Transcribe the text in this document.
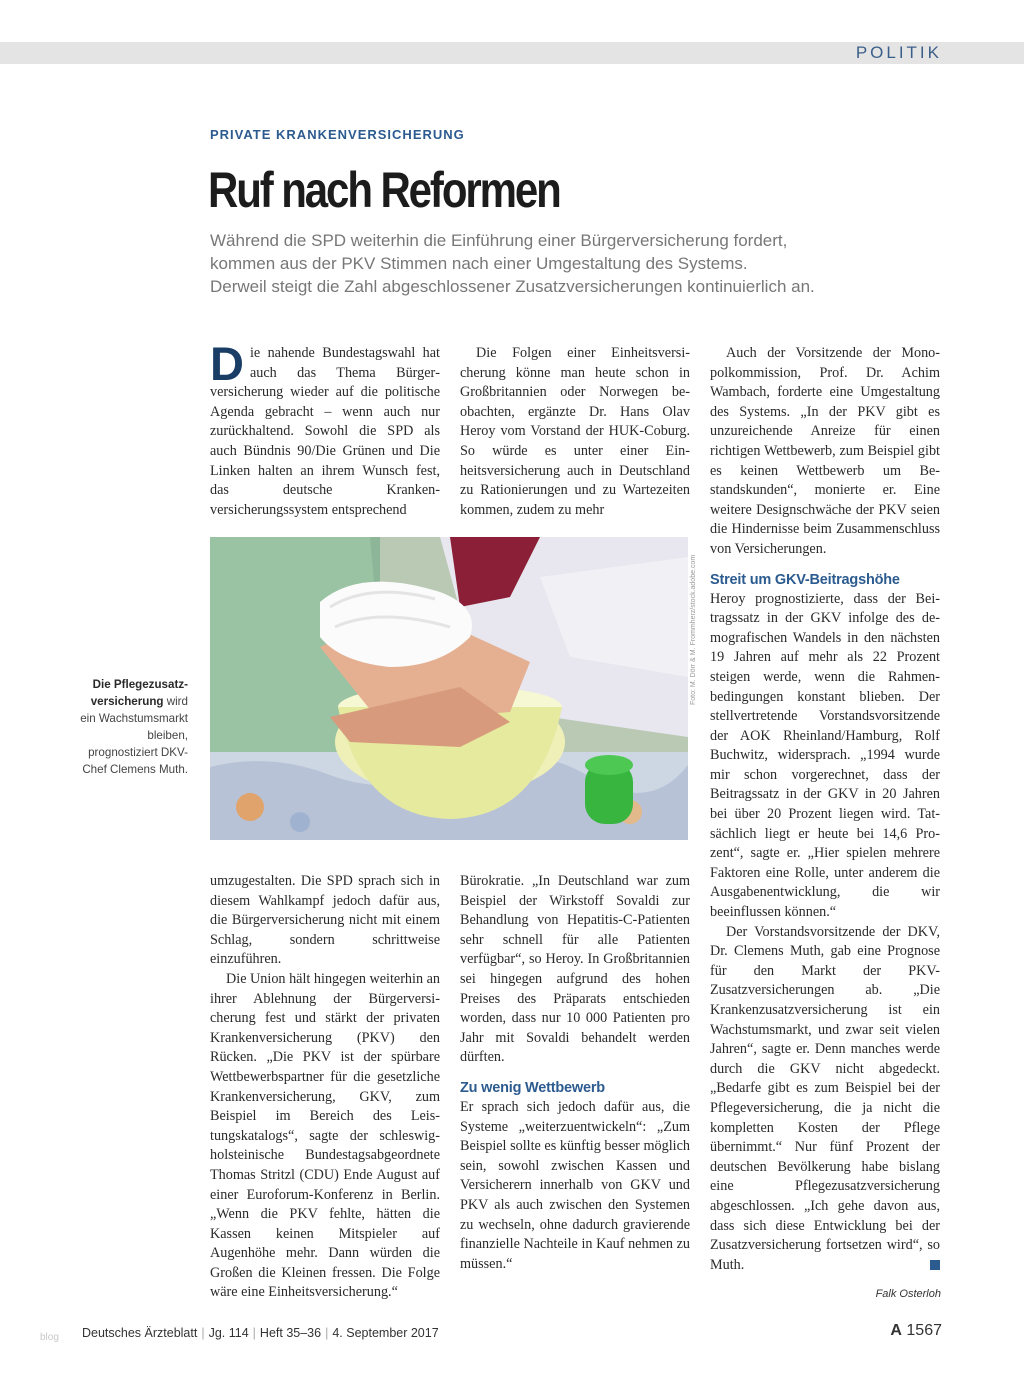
POLITIK
PRIVATE KRANKENVERSICHERUNG
Ruf nach Reformen
Während die SPD weiterhin die Einführung einer Bürgerversicherung fordert,
kommen aus der PKV Stimmen nach einer Umgestaltung des Systems.
Derweil steigt die Zahl abgeschlossener Zusatzversicherungen kontinuierlich an.

Die nahende Bundestagswahl hat auch das Thema Bürgerversicherung wieder auf die politische Agenda gebracht – wenn auch nur zurückhaltend. Sowohl die SPD als auch Bündnis 90/Die Grünen und Die Linken halten an ihrem Wunsch fest, das deutsche Krankenversicherungssystem entsprechend

Die Folgen einer Einheitsversicherung könne man heute schon in Großbritannien oder Norwegen beobachten, ergänzte Dr. Hans Olav Heroy vom Vorstand der HUK-Coburg. So würde es unter einer Einheitsversicherung auch in Deutschland zu Rationierungen und zu Wartezeiten kommen, zudem zu mehr

Auch der Vorsitzende der Monopolkommission, Prof. Dr. Achim Wambach, forderte eine Umgestaltung des Systems. „In der PKV gibt es unzureichende Anreize für einen richtigen Wettbewerb, zum Beispiel gibt es keinen Wettbewerb um Bestandskunden“, monierte er. Eine weitere Designschwäche der PKV seien die Hindernisse beim Zusammenschluss von Versicherungen.

Streit um GKV-Beitragshöhe

Heroy prognostizierte, dass der Beitragssatz in der GKV infolge des demografischen Wandels in den nächsten 19 Jahren auf mehr als 22 Prozent steigen werde, wenn die Rahmenbedingungen konstant blieben. Der stellvertretende Vorstandsvorsitzende der AOK Rheinland/Hamburg, Rolf Buchwitz, widersprach. „1994 wurde mir schon vorgerechnet, dass der Beitragssatz in der GKV in 20 Jahren bei über 20 Prozent liegen wird. Tatsächlich liegt er heute bei 14,6 Prozent“, sagte er. „Hier spielen mehrere Faktoren eine Rolle, unter anderem die Ausgabenentwicklung, die wir beeinflussen können.“

Der Vorstandsvorsitzende der DKV, Dr. Clemens Muth, gab eine Prognose für den Markt der PKV-Zusatzversicherungen ab. „Die Krankenzusatzversicherung ist ein Wachstumsmarkt, und zwar seit vielen Jahren“, sagte er. Denn manches werde durch die GKV nicht abgedeckt. „Bedarfe gibt es zum Beispiel bei der Pflegeversicherung, die ja nicht die kompletten Kosten der Pflege übernimmt.“ Nur fünf Prozent der deutschen Bevölkerung habe bislang eine Pflegezusatzversicherung abgeschlossen. „Ich gehe davon aus, dass sich diese Entwicklung bei der Zusatzversicherung fortsetzen wird“, so Muth.

Foto: M. Dörr & M. Frommherz/stock.adobe.com
Die Pflegezusatzversicherung wird ein Wachstumsmarkt bleiben, prognostiziert DKV-Chef Clemens Muth.

umzugestalten. Die SPD sprach sich in diesem Wahlkampf jedoch dafür aus, die Bürgerversicherung nicht mit einem Schlag, sondern schrittweise einzuführen.

Die Union hält hingegen weiterhin an ihrer Ablehnung der Bürgerversicherung fest und stärkt der privaten Krankenversicherung (PKV) den Rücken. „Die PKV ist der spürbare Wettbewerbspartner für die gesetzliche Krankenversicherung, GKV, zum Beispiel im Bereich des Leistungskatalogs“, sagte der schleswig-holsteinische Bundestagsabgeordnete Thomas Stritzl (CDU) Ende August auf einer Euroforum-Konferenz in Berlin. „Wenn die PKV fehlte, hätten die Kassen keinen Mitspieler auf Augenhöhe mehr. Dann würden die Großen die Kleinen fressen. Die Folge wäre eine Einheitsversicherung.“

Bürokratie. „In Deutschland war zum Beispiel der Wirkstoff Sovaldi zur Behandlung von Hepatitis-C-Patienten sehr schnell für alle Patienten verfügbar“, so Heroy. In Großbritannien sei hingegen aufgrund des hohen Preises des Präparats entschieden worden, dass nur 10 000 Patienten pro Jahr mit Sovaldi behandelt werden dürften.

Zu wenig Wettbewerb

Er sprach sich jedoch dafür aus, die Systeme „weiterzuentwickeln“: „Zum Beispiel sollte es künftig besser möglich sein, sowohl zwischen Kassen und Versicherern innerhalb von GKV und PKV als auch zwischen den Systemen zu wechseln, ohne dadurch gravierende finanzielle Nachteile in Kauf nehmen zu müssen.“

Falk Osterloh
blog Deutsches Ärzteblatt | Jg. 114 | Heft 35–36 | 4. September 2017	A 1567
